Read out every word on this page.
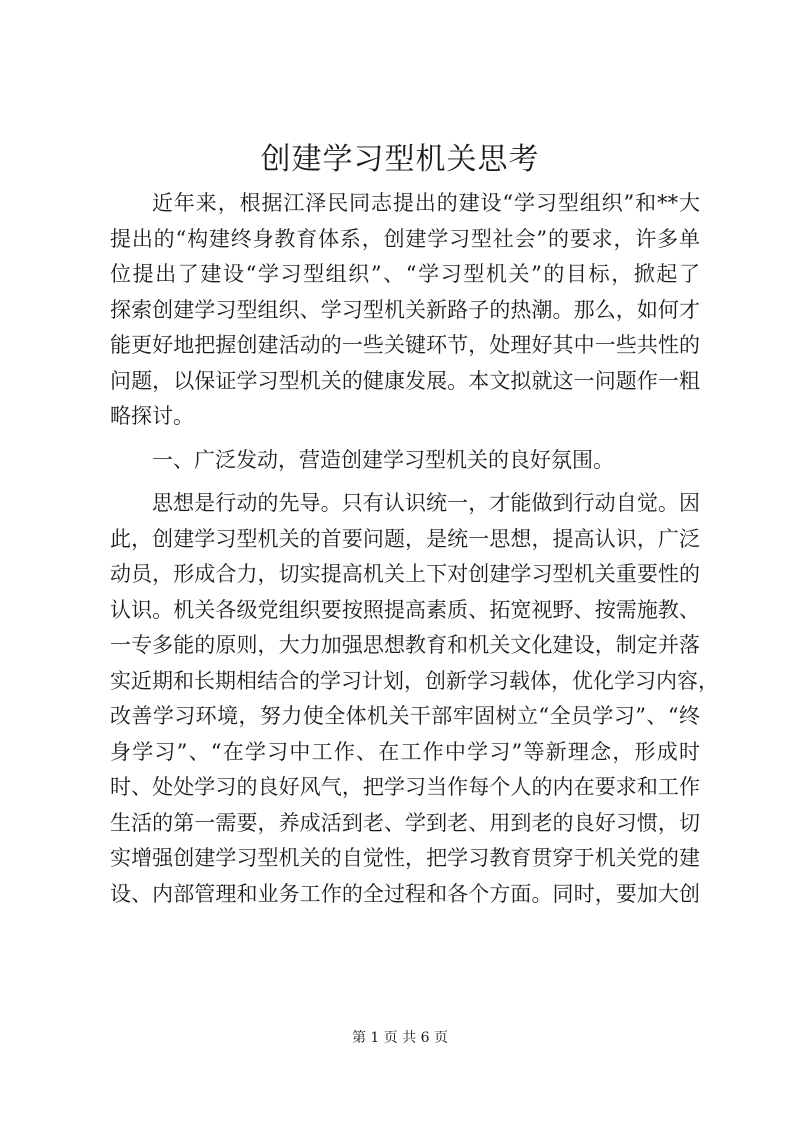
创建学习型机关思考
近年来，根据江泽民同志提出的建设“学习型组织”和**大
提出的“构建终身教育体系，创建学习型社会”的要求，许多单
位提出了建设“学习型组织”、“学习型机关”的目标，掀起了
探索创建学习型组织、学习型机关新路子的热潮。那么，如何才
能更好地把握创建活动的一些关键环节，处理好其中一些共性的
问题，以保证学习型机关的健康发展。本文拟就这一问题作一粗
略探讨。
一、广泛发动，营造创建学习型机关的良好氛围。
思想是行动的先导。只有认识统一，才能做到行动自觉。因
此，创建学习型机关的首要问题，是统一思想，提高认识，广泛
动员，形成合力，切实提高机关上下对创建学习型机关重要性的
认识。机关各级党组织要按照提高素质、拓宽视野、按需施教、
一专多能的原则，大力加强思想教育和机关文化建设，制定并落
实近期和长期相结合的学习计划，创新学习载体，优化学习内容，
改善学习环境，努力使全体机关干部牢固树立“全员学习”、“终
身学习”、“在学习中工作、在工作中学习”等新理念，形成时
时、处处学习的良好风气，把学习当作每个人的内在要求和工作
生活的第一需要，养成活到老、学到老、用到老的良好习惯，切
实增强创建学习型机关的自觉性，把学习教育贯穿于机关党的建
设、内部管理和业务工作的全过程和各个方面。同时，要加大创
第 1 页 共 6 页
